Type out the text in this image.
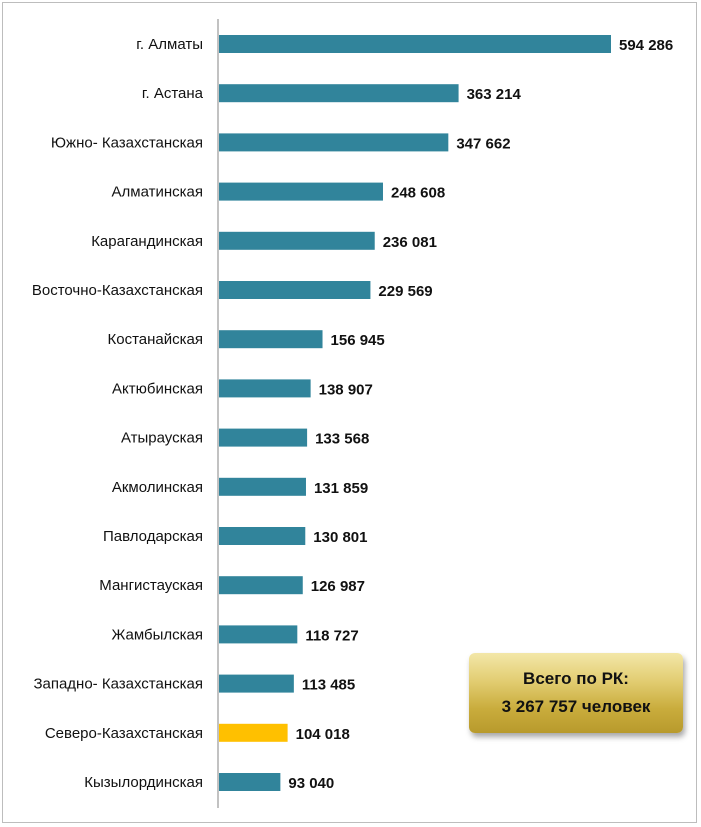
г. Алматы	594 286
г. Астана	363 214
Южно- Казахстанская	347 662
Алматинская	248 608
Карагандинская	236 081
Восточно-Казахстанская	229 569
Костанайская	156 945
Актюбинская	138 907
Атырауская	133 568
Акмолинская	131 859
Павлодарская	130 801
Мангистауская	126 987
Жамбылская	118 727
Западно- Казахстанская	113 485
Северо-Казахстанская	104 018
Кызылординская	93 040
Всего по РК:
3 267 757 человек
